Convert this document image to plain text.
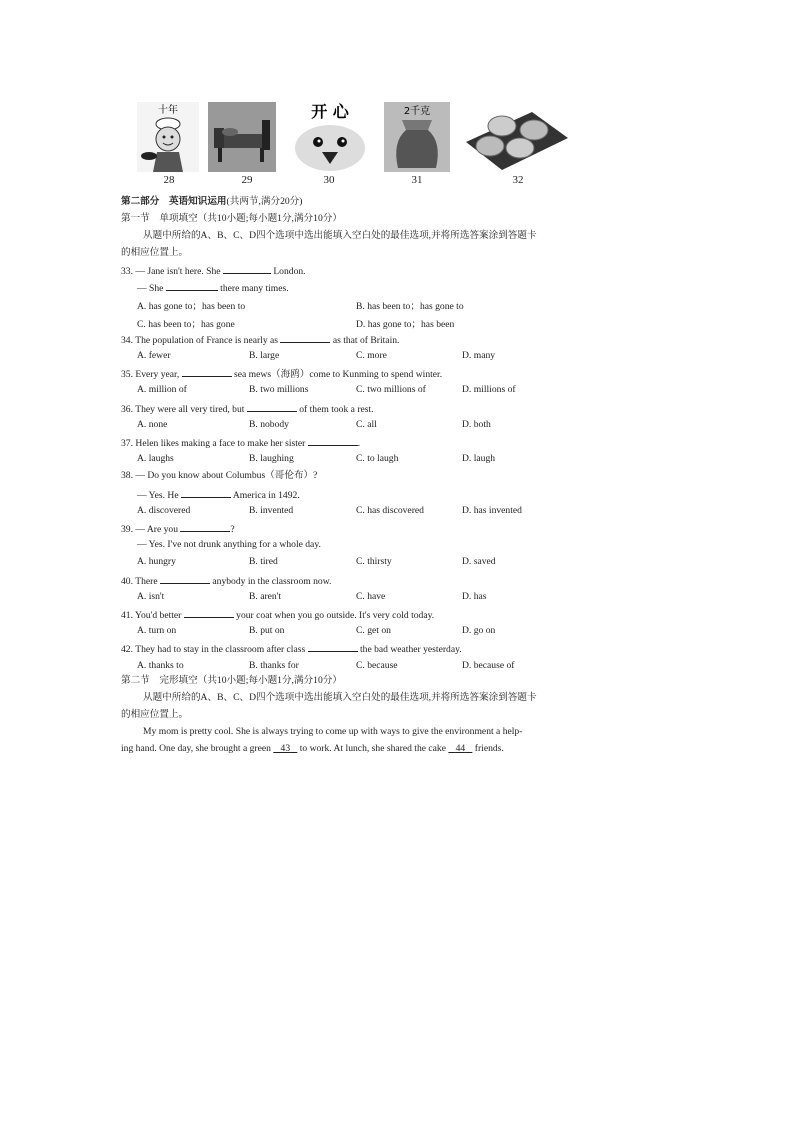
十年	开 心	2千克
28	29	30	31	32
第二部分　英语知识运用(共两节,满分20分)
第一节　单项填空（共10小题;每小题1分,满分10分）
从题中所给的A、B、C、D四个选项中选出能填入空白处的最佳选项,并将所选答案涂到答题卡
的相应位置上。
33. — Jane isn't here. She	London.
— She	there many times.
A. has gone to；has been to	B. has been to；has gone to
C. has been to；has gone	D. has gone to；has been
34. The population of France is nearly as	as that of Britain.
A. fewer	B. large	C. more	D. many
35. Every year,	sea mews（海鸥）come to Kunming to spend winter.
A. million of	B. two millions	C. two millions of	D. millions of
36. They were all very tired, but	of them took a rest.
A. none	B. nobody	C. all	D. both
37. Helen likes making a face to make her sister	.
A. laughs	B. laughing	C. to laugh	D. laugh
38. — Do you know about Columbus（哥伦布）?
— Yes. He	America in 1492.
A. discovered	B. invented	C. has discovered	D. has invented
39. — Are you	?
— Yes. I've not drunk anything for a whole day.
A. hungry	B. tired	C. thirsty	D. saved
40. There	anybody in the classroom now.
A. isn't	B. aren't	C. have	D. has
41. You'd better	your coat when you go outside. It's very cold today.
A. turn on	B. put on	C. get on	D. go on
42. They had to stay in the classroom after class	the bad weather yesterday.
A. thanks to	B. thanks for	C. because	D. because of
第二节　完形填空（共10小题;每小题1分,满分10分）
从题中所给的A、B、C、D四个选项中选出能填入空白处的最佳选项,并将所选答案涂到答题卡
的相应位置上。
My mom is pretty cool. She is always trying to come up with ways to give the environment a help-
ing hand. One day, she brought a green    43    to work. At lunch, she shared the cake    44    friends.
